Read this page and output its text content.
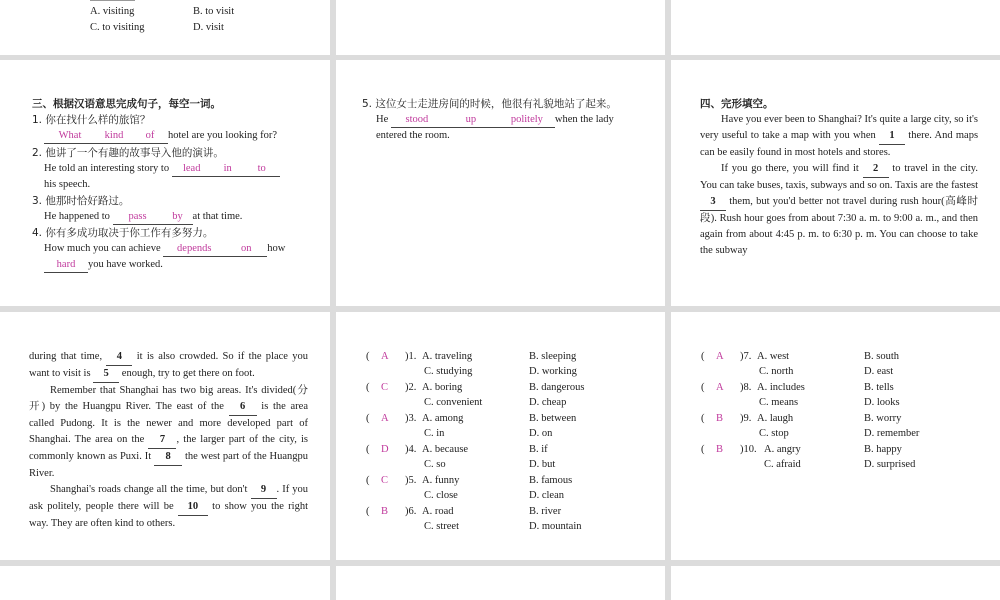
A. visiting	B. to visit
C. to visiting	D. visit
三、根据汉语意思完成句子，每空一词。
1. 你在找什么样的旅馆？
What kind of hotel are you looking for?
2. 他讲了一个有趣的故事导入他的演讲。
He told an interesting story to lead in to
his speech.
3. 他那时恰好路过。
He happened to pass by at that time.
4. 你有多成功取决于你工作有多努力。
How much you can achieve depends	on how
hard you have worked.
5. 这位女士走进房间的时候，他很有礼貌地站了起来。
He stood	up	politely when the lady
entered the room.
四、完形填空。

Have you ever been to Shanghai? It's quite a large city, so it's very useful to take a map with you when 1 there. And maps can be easily found in most hotels and stores.

If you go there, you will find it 2 to travel in the city. You can take buses, taxis, subways and so on. Taxis are the fastest 3 them, but you'd better not travel during rush hour(高峰时段). Rush hour goes from about 7:30 a. m. to 9:00 a. m., and then again from about 4:45 p. m. to 6:30 p. m. You can choose to take the subway

during that time, 4 it is also crowded. So if the place you want to visit is 5 enough, try to get there on foot.

Remember that Shanghai has two big areas. It's divided(分开) by the Huangpu River. The east of the 6 is the area called Pudong. It is the newer and more developed part of Shanghai. The area on the 7 , the larger part of the city, is commonly known as Puxi. It 8 the west part of the Huangpu River.

Shanghai's roads change all the time, but don't 9 . If you ask politely, people there will be 10 to show you the right way. They are often kind to others.

( A )1. A. traveling	B. sleeping
C. studying	D. working
( C )2. A. boring	B. dangerous
C. convenient	D. cheap
( A )3. A. among	B. between
C. in	D. on
( D )4. A. because	B. if
C. so	D. but
( C )5. A. funny	B. famous
C. close	D. clean
( B )6. A. road	B. river
C. street	D. mountain
( A )7. A. west	B. south
C. north	D. east
( A )8. A. includes	B. tells
C. means	D. looks
( B )9. A. laugh	B. worry
C. stop	D. remember
( B )10. A. angry	B. happy
C. afraid	D. surprised
